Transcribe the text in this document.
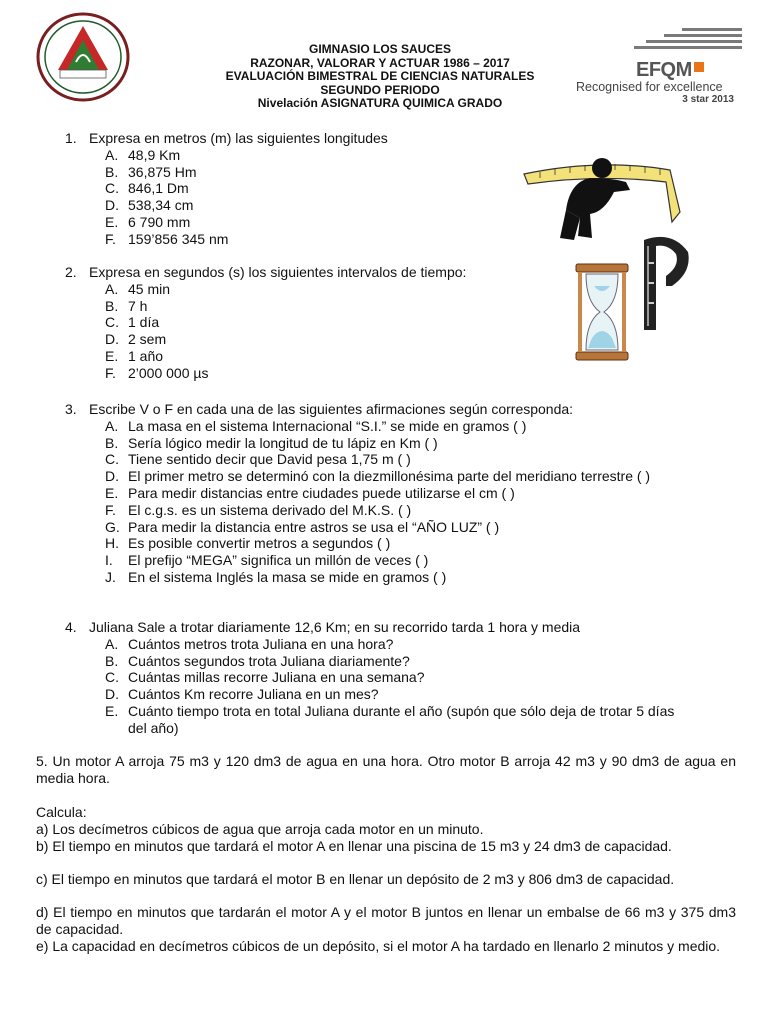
GIMNASIO LOS SAUCES
RAZONAR, VALORAR Y ACTUAR 1986 – 2017
EVALUACIÓN BIMESTRAL DE CIENCIAS NATURALES
SEGUNDO PERIODO
Nivelación ASIGNATURA QUIMICA GRADO
EFQM
Recognised for excellence
3 star 2013
1. Expresa en metros (m) las siguientes longitudes
A. 48,9 Km
B. 36,875 Hm
C. 846,1 Dm
D. 538,34 cm
E. 6 790 mm
F. 159’856 345 nm
2. Expresa en segundos (s) los siguientes intervalos de tiempo:
A. 45 min
B. 7 h
C. 1 día
D. 2 sem
E. 1 año
F. 2’000 000 µs
3. Escribe V o F en cada una de las siguientes afirmaciones según corresponda:
A. La masa en el sistema Internacional “S.I.” se mide en gramos ( )
B. Sería lógico medir la longitud de tu lápiz en Km ( )
C. Tiene sentido decir que David pesa 1,75 m ( )
D. El primer metro se determinó con la diezmillonésima parte del meridiano terrestre ( )
E. Para medir distancias entre ciudades puede utilizarse el cm ( )
F. El c.g.s. es un sistema derivado del M.K.S. ( )
G. Para medir la distancia entre astros se usa el “AÑO LUZ” ( )
H. Es posible convertir metros a segundos ( )
I. El prefijo “MEGA” significa un millón de veces ( )
J. En el sistema Inglés la masa se mide en gramos ( )
4. Juliana Sale a trotar diariamente 12,6 Km; en su recorrido tarda 1 hora y media
A. Cuántos metros trota Juliana en una hora?
B. Cuántos segundos trota Juliana diariamente?
C. Cuántas millas recorre Juliana en una semana?
D. Cuántos Km recorre Juliana en un mes?
E. Cuánto tiempo trota en total Juliana durante el año (supón que sólo deja de trotar 5 días del año)
5. Un motor A arroja 75 m3 y 120 dm3 de agua en una hora. Otro motor B arroja 42 m3 y 90 dm3 de agua en media hora.
Calcula:
a) Los decímetros cúbicos de agua que arroja cada motor en un minuto.
b) El tiempo en minutos que tardará el motor A en llenar una piscina de 15 m3 y 24 dm3 de capacidad.
c) El tiempo en minutos que tardará el motor B en llenar un depósito de 2 m3 y 806 dm3 de capacidad.
d) El tiempo en minutos que tardarán el motor A y el motor B juntos en llenar un embalse de 66 m3 y 375 dm3 de capacidad.
e) La capacidad en decímetros cúbicos de un depósito, si el motor A ha tardado en llenarlo 2 minutos y medio.
